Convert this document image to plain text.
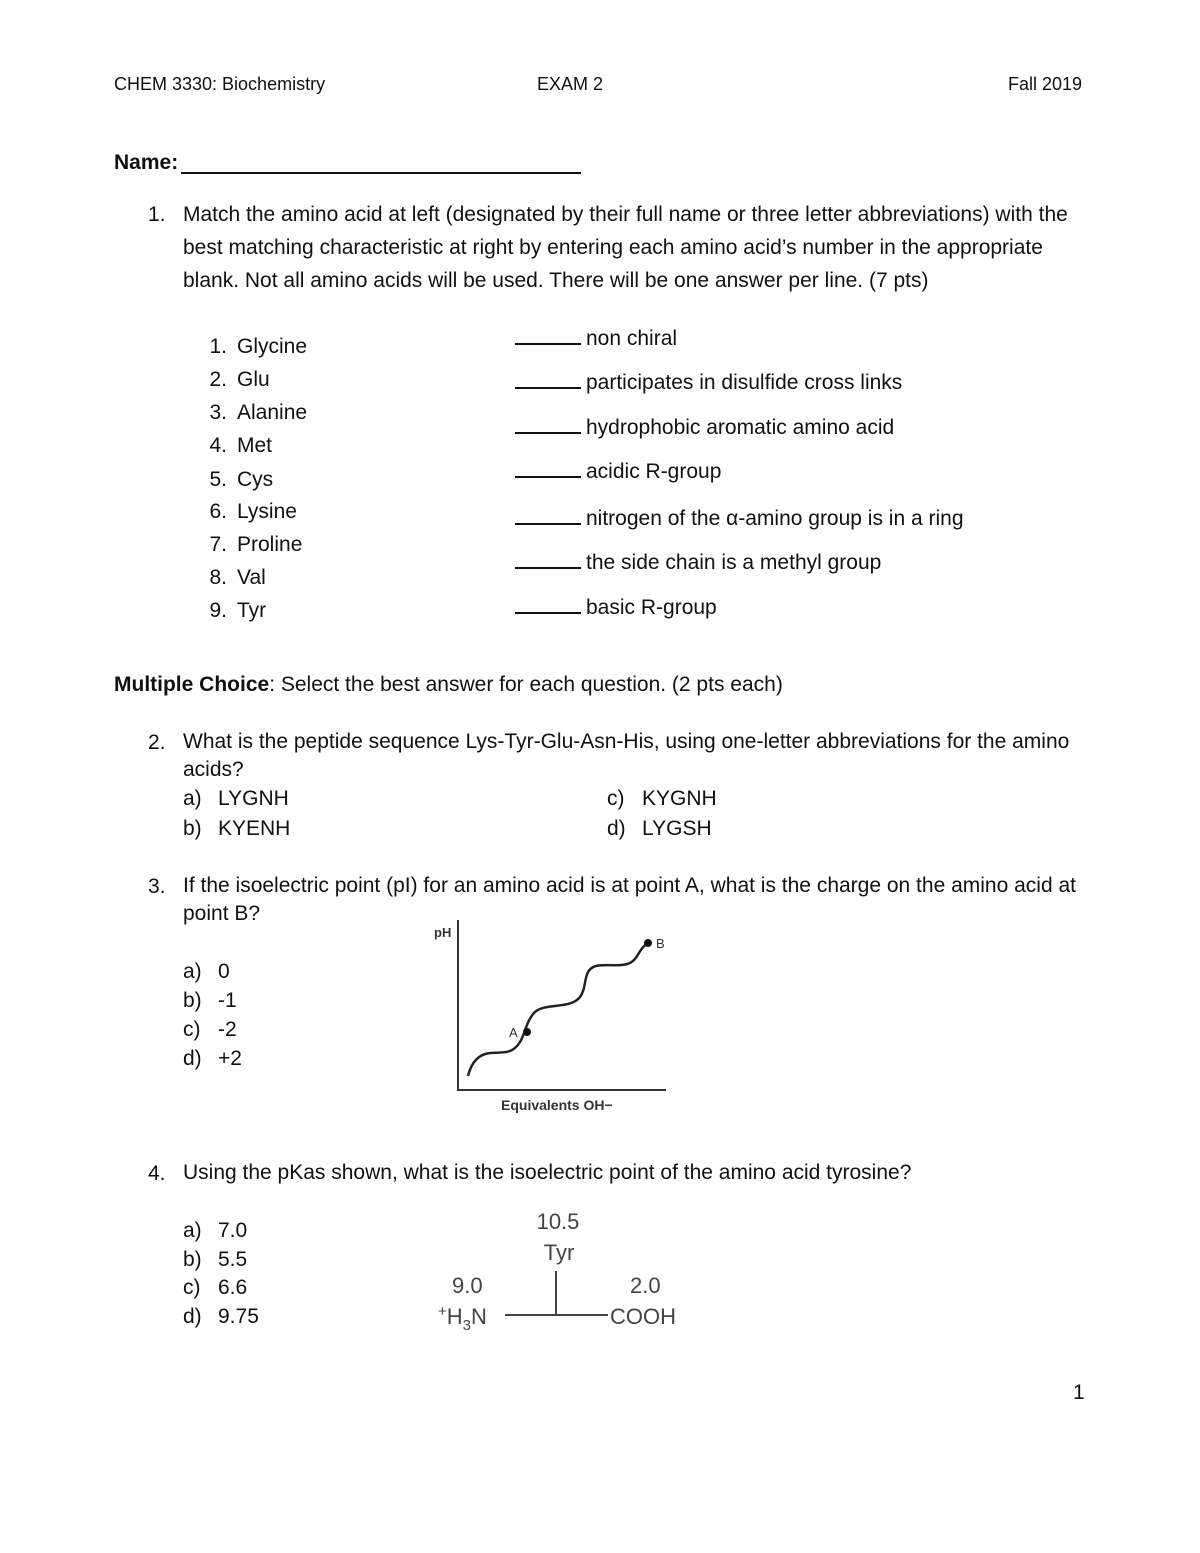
CHEM 3330: Biochemistry	EXAM 2	Fall 2019
Name:
1. Match the amino acid at left (designated by their full name or three letter abbreviations) with the best matching characteristic at right by entering each amino acid’s number in the appropriate blank. Not all amino acids will be used. There will be one answer per line. (7 pts)
1. Glycine
2. Glu
3. Alanine
4. Met
5. Cys
6. Lysine
7. Proline
8. Val
9. Tyr
non chiral
participates in disulfide cross links
hydrophobic aromatic amino acid
acidic R-group
nitrogen of the α-amino group is in a ring
the side chain is a methyl group
basic R-group
Multiple Choice: Select the best answer for each question. (2 pts each)
2. What is the peptide sequence Lys-Tyr-Glu-Asn-His, using one-letter abbreviations for the amino acids?
a) LYGNH
b) KYENH
c) KYGNH
d) LYGSH
3. If the isoelectric point (pI) for an amino acid is at point A, what is the charge on the amino acid at point B?
a) 0
b) -1
c) -2
d) +2
pH
A
B
Equivalents OH−
4. Using the pKas shown, what is the isoelectric point of the amino acid tyrosine?
a) 7.0
b) 5.5
c) 6.6
d) 9.75
10.5
Tyr
9.0
$^+H_3N$
2.0
COOH
1
